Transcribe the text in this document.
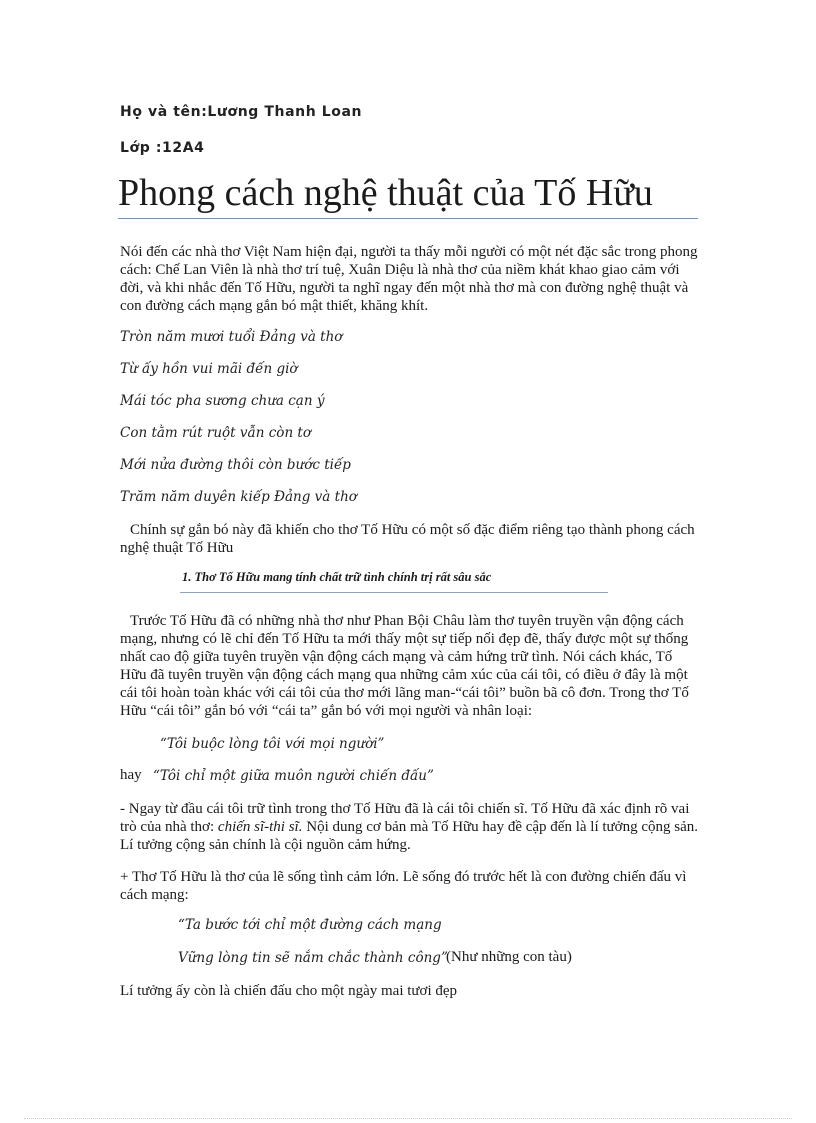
Họ và tên:Lương Thanh Loan
Lớp :12A4
Phong cách nghệ thuật của Tố Hữu

Nói đến các nhà thơ Việt Nam hiện đại, người ta thấy mỗi người có một nét đặc sắc trong phong cách: Chế Lan Viên là nhà thơ trí tuệ, Xuân Diệu là nhà thơ của niềm khát khao giao cảm với đời, và khi nhắc đến Tố Hữu, người ta nghĩ ngay đến một nhà thơ mà con đường nghệ thuật và con đường cách mạng gắn bó mật thiết, khăng khít.

Tròn năm mươi tuổi Đảng và thơ

Từ ấy hồn vui mãi đến giờ

Mái tóc pha sương chưa cạn ý

Con tằm rút ruột vẫn còn tơ

Mới nửa đường thôi còn bước tiếp

Trăm năm duyên kiếp Đảng và thơ

Chính sự gắn bó này đã khiến cho thơ Tố Hữu có một số đặc điểm riêng tạo thành phong cách nghệ thuật Tố Hữu

1. Thơ Tố Hữu mang tính chất trữ tình chính trị rất sâu sắc

Trước Tố Hữu đã có những nhà thơ như Phan Bội Châu làm thơ tuyên truyền vận động cách mạng, nhưng có lẽ chỉ đến Tố Hữu ta mới thấy một sự tiếp nối đẹp đẽ, thấy được một sự thống nhất cao độ giữa tuyên truyền vận động cách mạng và cảm hứng trữ tình. Nói cách khác, Tố Hữu đã tuyên truyền vận động cách mạng qua những cảm xúc của cái tôi, có điều ở đây là một cái tôi hoàn toàn khác với cái tôi của thơ mới lãng man-“cái tôi” buồn bã cô đơn. Trong thơ Tố Hữu “cái tôi” gắn bó với “cái ta” gắn bó với mọi người và nhân loại:

“Tôi buộc lòng tôi với mọi người”

hay “Tôi chỉ một giữa muôn người chiến đấu”

- Ngay từ đầu cái tôi trữ tình trong thơ Tố Hữu đã là cái tôi chiến sĩ. Tố Hữu đã xác định rõ vai trò của nhà thơ: chiến sĩ-thi sĩ. Nội dung cơ bản mà Tố Hữu hay đề cập đến là lí tưởng cộng sản. Lí tưởng cộng sản chính là cội nguồn cảm hứng.

+ Thơ Tố Hữu là thơ của lẽ sống tình cảm lớn. Lẽ sống đó trước hết là con đường chiến đấu vì cách mạng:

“Ta bước tới chỉ một đường cách mạng

Vững lòng tin sẽ nắm chắc thành công”

(Như những con tàu)

Lí tưởng ấy còn là chiến đấu cho một ngày mai tươi đẹp
